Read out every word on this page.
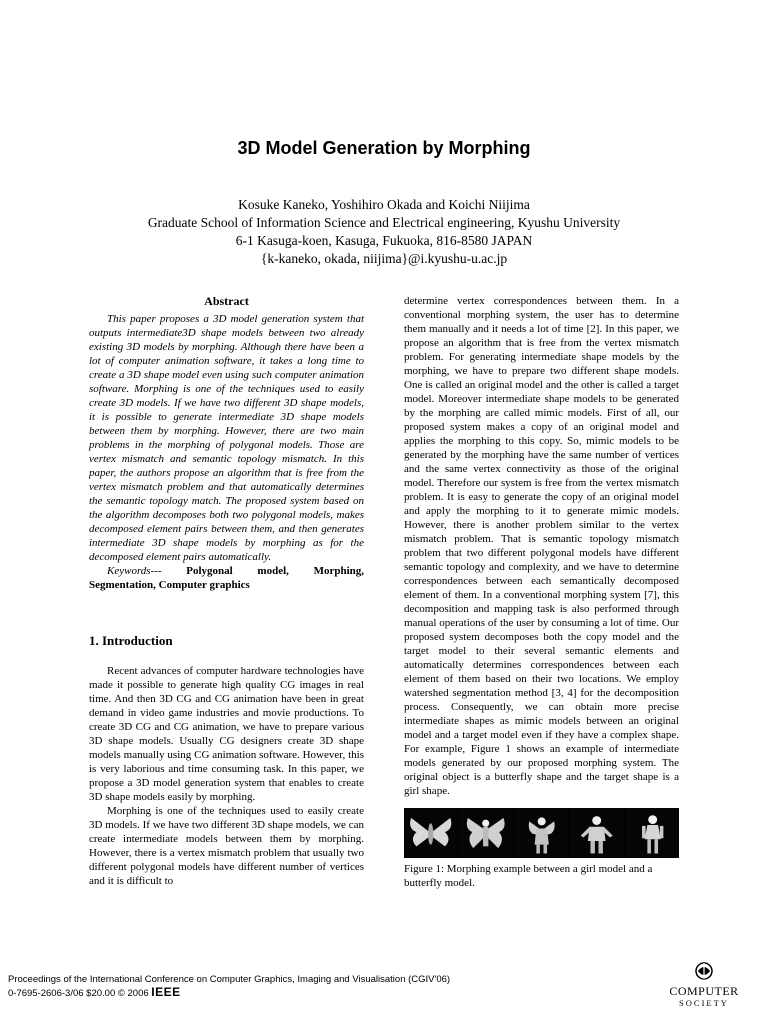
3D Model Generation by Morphing
Kosuke Kaneko, Yoshihiro Okada and Koichi Niijima
Graduate School of Information Science and Electrical engineering, Kyushu University
6-1 Kasuga-koen, Kasuga, Fukuoka, 816-8580 JAPAN
{k-kaneko, okada, niijima}@i.kyushu-u.ac.jp
Abstract

This paper proposes a 3D model generation system that outputs intermediate3D shape models between two already existing 3D models by morphing. Although there have been a lot of computer animation software, it takes a long time to create a 3D shape model even using such computer animation software. Morphing is one of the techniques used to easily create 3D models. If we have two different 3D shape models, it is possible to generate intermediate 3D shape models between them by morphing. However, there are two main problems in the morphing of polygonal models. Those are vertex mismatch and semantic topology mismatch. In this paper, the authors propose an algorithm that is free from the vertex mismatch problem and that automatically determines the semantic topology match. The proposed system based on the algorithm decomposes both two polygonal models, makes decomposed element pairs between them, and then generates intermediate 3D shape models by morphing as for the decomposed element pairs automatically.

Keywords--- Polygonal model, Morphing, Segmentation, Computer graphics

1. Introduction

Recent advances of computer hardware technologies have made it possible to generate high quality CG images in real time. And then 3D CG and CG animation have been in great demand in video game industries and movie productions. To create 3D CG and CG animation, we have to prepare various 3D shape models. Usually CG designers create 3D shape models manually using CG animation software. However, this is very laborious and time consuming task. In this paper, we propose a 3D model generation system that enables to create 3D shape models easily by morphing.

Morphing is one of the techniques used to easily create 3D models. If we have two different 3D shape models, we can create intermediate models between them by morphing. However, there is a vertex mismatch problem that usually two different polygonal models have different number of vertices and it is difficult to

determine vertex correspondences between them. In a conventional morphing system, the user has to determine them manually and it needs a lot of time [2]. In this paper, we propose an algorithm that is free from the vertex mismatch problem. For generating intermediate shape models by the morphing, we have to prepare two different shape models. One is called an original model and the other is called a target model. Moreover intermediate shape models to be generated by the morphing are called mimic models. First of all, our proposed system makes a copy of an original model and applies the morphing to this copy. So, mimic models to be generated by the morphing have the same number of vertices and the same vertex connectivity as those of the original model. Therefore our system is free from the vertex mismatch problem. It is easy to generate the copy of an original model and apply the morphing to it to generate mimic models. However, there is another problem similar to the vertex mismatch problem. That is semantic topology mismatch problem that two different polygonal models have different semantic topology and complexity, and we have to determine correspondences between each semantically decomposed element of them. In a conventional morphing system [7], this decomposition and mapping task is also performed through manual operations of the user by consuming a lot of time. Our proposed system decomposes both the copy model and the target model to their several semantic elements and automatically determines correspondences between each element of them based on their two locations. We employ watershed segmentation method [3, 4] for the decomposition process. Consequently, we can obtain more precise intermediate shapes as mimic models between an original model and a target model even if they have a complex shape. For example, Figure 1 shows an example of intermediate models generated by our proposed morphing system. The original object is a butterfly shape and the target shape is a girl shape.

Figure 1: Morphing example between a girl model and a butterfly model.

Proceedings of the International Conference on Computer Graphics, Imaging and Visualisation (CGIV'06)
0-7695-2606-3/06 $20.00 © 2006 IEEE	COMPUTER
SOCIETY
